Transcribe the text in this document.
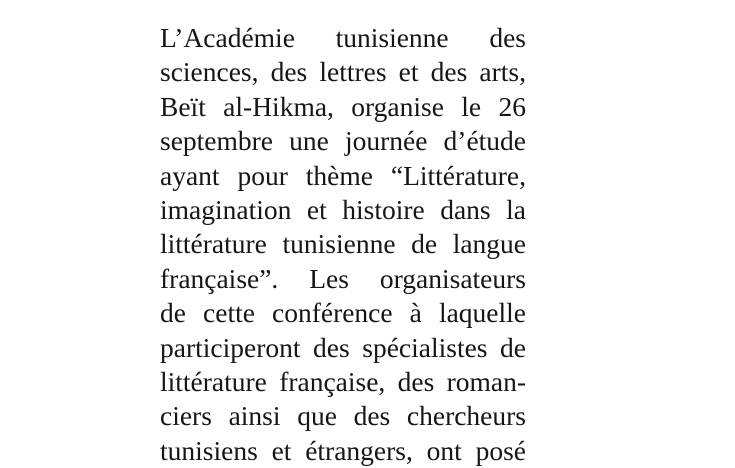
L’Académie tunisienne des
sciences, des lettres et des arts,
Beït al-Hikma, organise le 26
septembre une journée d’étude
ayant pour thème “Littérature,
imagination et histoire dans la
littérature tunisienne de langue
française”. Les organisateurs
de cette conférence à laquelle
participeront des spécialistes de
littérature française, des roman-
ciers ainsi que des chercheurs
tunisiens et étrangers, ont posé
